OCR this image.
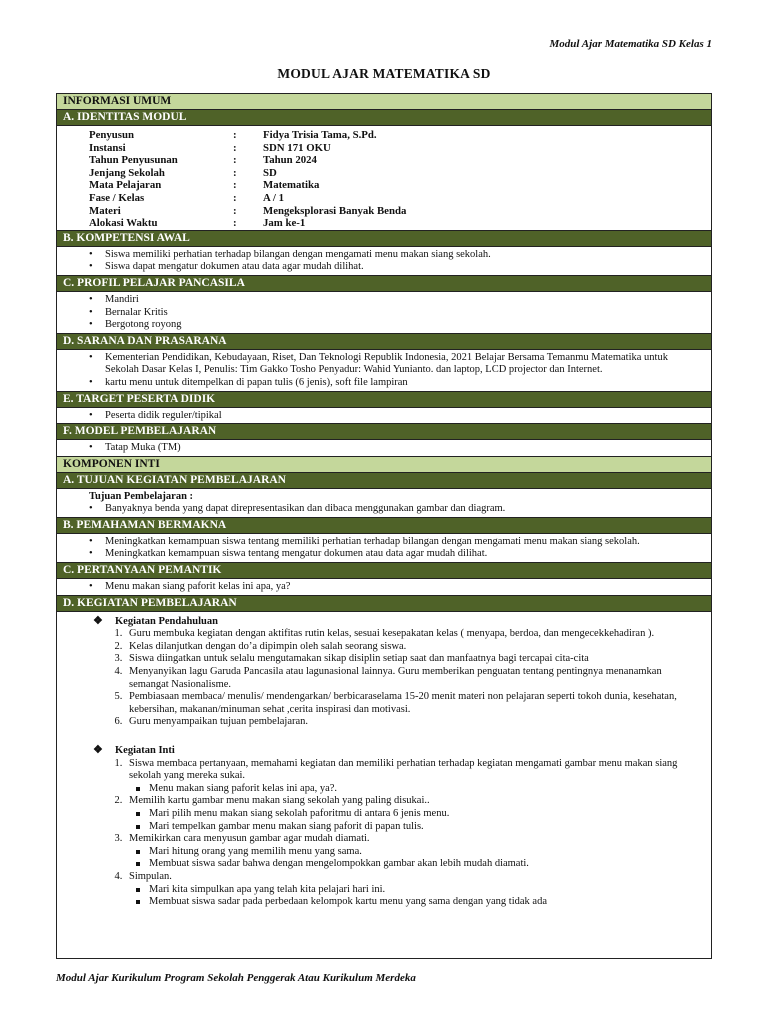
Modul Ajar Matematika SD Kelas 1
MODUL AJAR MATEMATIKA SD
INFORMASI UMUM
A. IDENTITAS MODUL
Penyusun	:	Fidya Trisia Tama, S.Pd.
Instansi	:	SDN 171 OKU
Tahun Penyusunan	:	Tahun 2024
Jenjang Sekolah	:	SD
Mata Pelajaran	:	Matematika
Fase / Kelas	:	A / 1
Materi	:	Mengeksplorasi Banyak Benda
Alokasi Waktu	:	Jam ke-1
B. KOMPETENSI AWAL
• Siswa memiliki perhatian terhadap bilangan dengan mengamati menu makan siang sekolah.
• Siswa dapat mengatur dokumen atau data agar mudah dilihat.
C. PROFIL PELAJAR PANCASILA
• Mandiri
• Bernalar Kritis
• Bergotong royong
D. SARANA DAN PRASARANA
• Kementerian Pendidikan, Kebudayaan, Riset, Dan Teknologi Republik Indonesia, 2021 Belajar Bersama Temanmu Matematika untuk Sekolah Dasar Kelas I, Penulis: Tim Gakko Tosho Penyadur: Wahid Yunianto. dan laptop, LCD projector dan Internet.
• kartu menu untuk ditempelkan di papan tulis (6 jenis), soft file lampiran
E. TARGET PESERTA DIDIK
• Peserta didik reguler/tipikal
F. MODEL PEMBELAJARAN
• Tatap Muka (TM)
KOMPONEN INTI
A. TUJUAN KEGIATAN PEMBELAJARAN
Tujuan Pembelajaran :
• Banyaknya benda yang dapat direpresentasikan dan dibaca menggunakan gambar dan diagram.
B. PEMAHAMAN BERMAKNA
• Meningkatkan kemampuan siswa tentang memiliki perhatian terhadap bilangan dengan mengamati menu makan siang sekolah.
• Meningkatkan kemampuan siswa tentang mengatur dokumen atau data agar mudah dilihat.
C. PERTANYAAN PEMANTIK
• Menu makan siang paforit kelas ini apa, ya?
D. KEGIATAN PEMBELAJARAN
❖ Kegiatan Pendahuluan
1. Guru membuka kegiatan dengan aktifitas rutin kelas, sesuai kesepakatan kelas ( menyapa, berdoa, dan mengecekkehadiran ).
2. Kelas dilanjutkan dengan do’a dipimpin oleh salah seorang siswa.
3. Siswa diingatkan untuk selalu mengutamakan sikap disiplin setiap saat dan manfaatnya bagi tercapai cita-cita
4. Menyanyikan lagu Garuda Pancasila atau lagunasional lainnya. Guru memberikan penguatan tentang pentingnya menanamkan semangat Nasionalisme.
5. Pembiasaan membaca/ menulis/ mendengarkan/ berbicaraselama 15-20 menit materi non pelajaran seperti tokoh dunia, kesehatan, kebersihan, makanan/minuman sehat ,cerita inspirasi dan motivasi.
6. Guru menyampaikan tujuan pembelajaran.
❖ Kegiatan Inti
1. Siswa membaca pertanyaan, memahami kegiatan dan memiliki perhatian terhadap kegiatan mengamati gambar menu makan siang sekolah yang mereka sukai.
Menu makan siang paforit kelas ini apa, ya?.
2. Memilih kartu gambar menu makan siang sekolah yang paling disukai..
Mari pilih menu makan siang sekolah paforitmu di antara 6 jenis menu.
Mari tempelkan gambar menu makan siang paforit di papan tulis.
3. Memikirkan cara menyusun gambar agar mudah diamati.
Mari hitung orang yang memilih menu yang sama.
Membuat siswa sadar bahwa dengan mengelompokkan gambar akan lebih mudah diamati.
4. Simpulan.
Mari kita simpulkan apa yang telah kita pelajari hari ini.
Membuat siswa sadar pada perbedaan kelompok kartu menu yang sama dengan yang tidak ada
Modul Ajar Kurikulum Program Sekolah Penggerak Atau Kurikulum Merdeka
